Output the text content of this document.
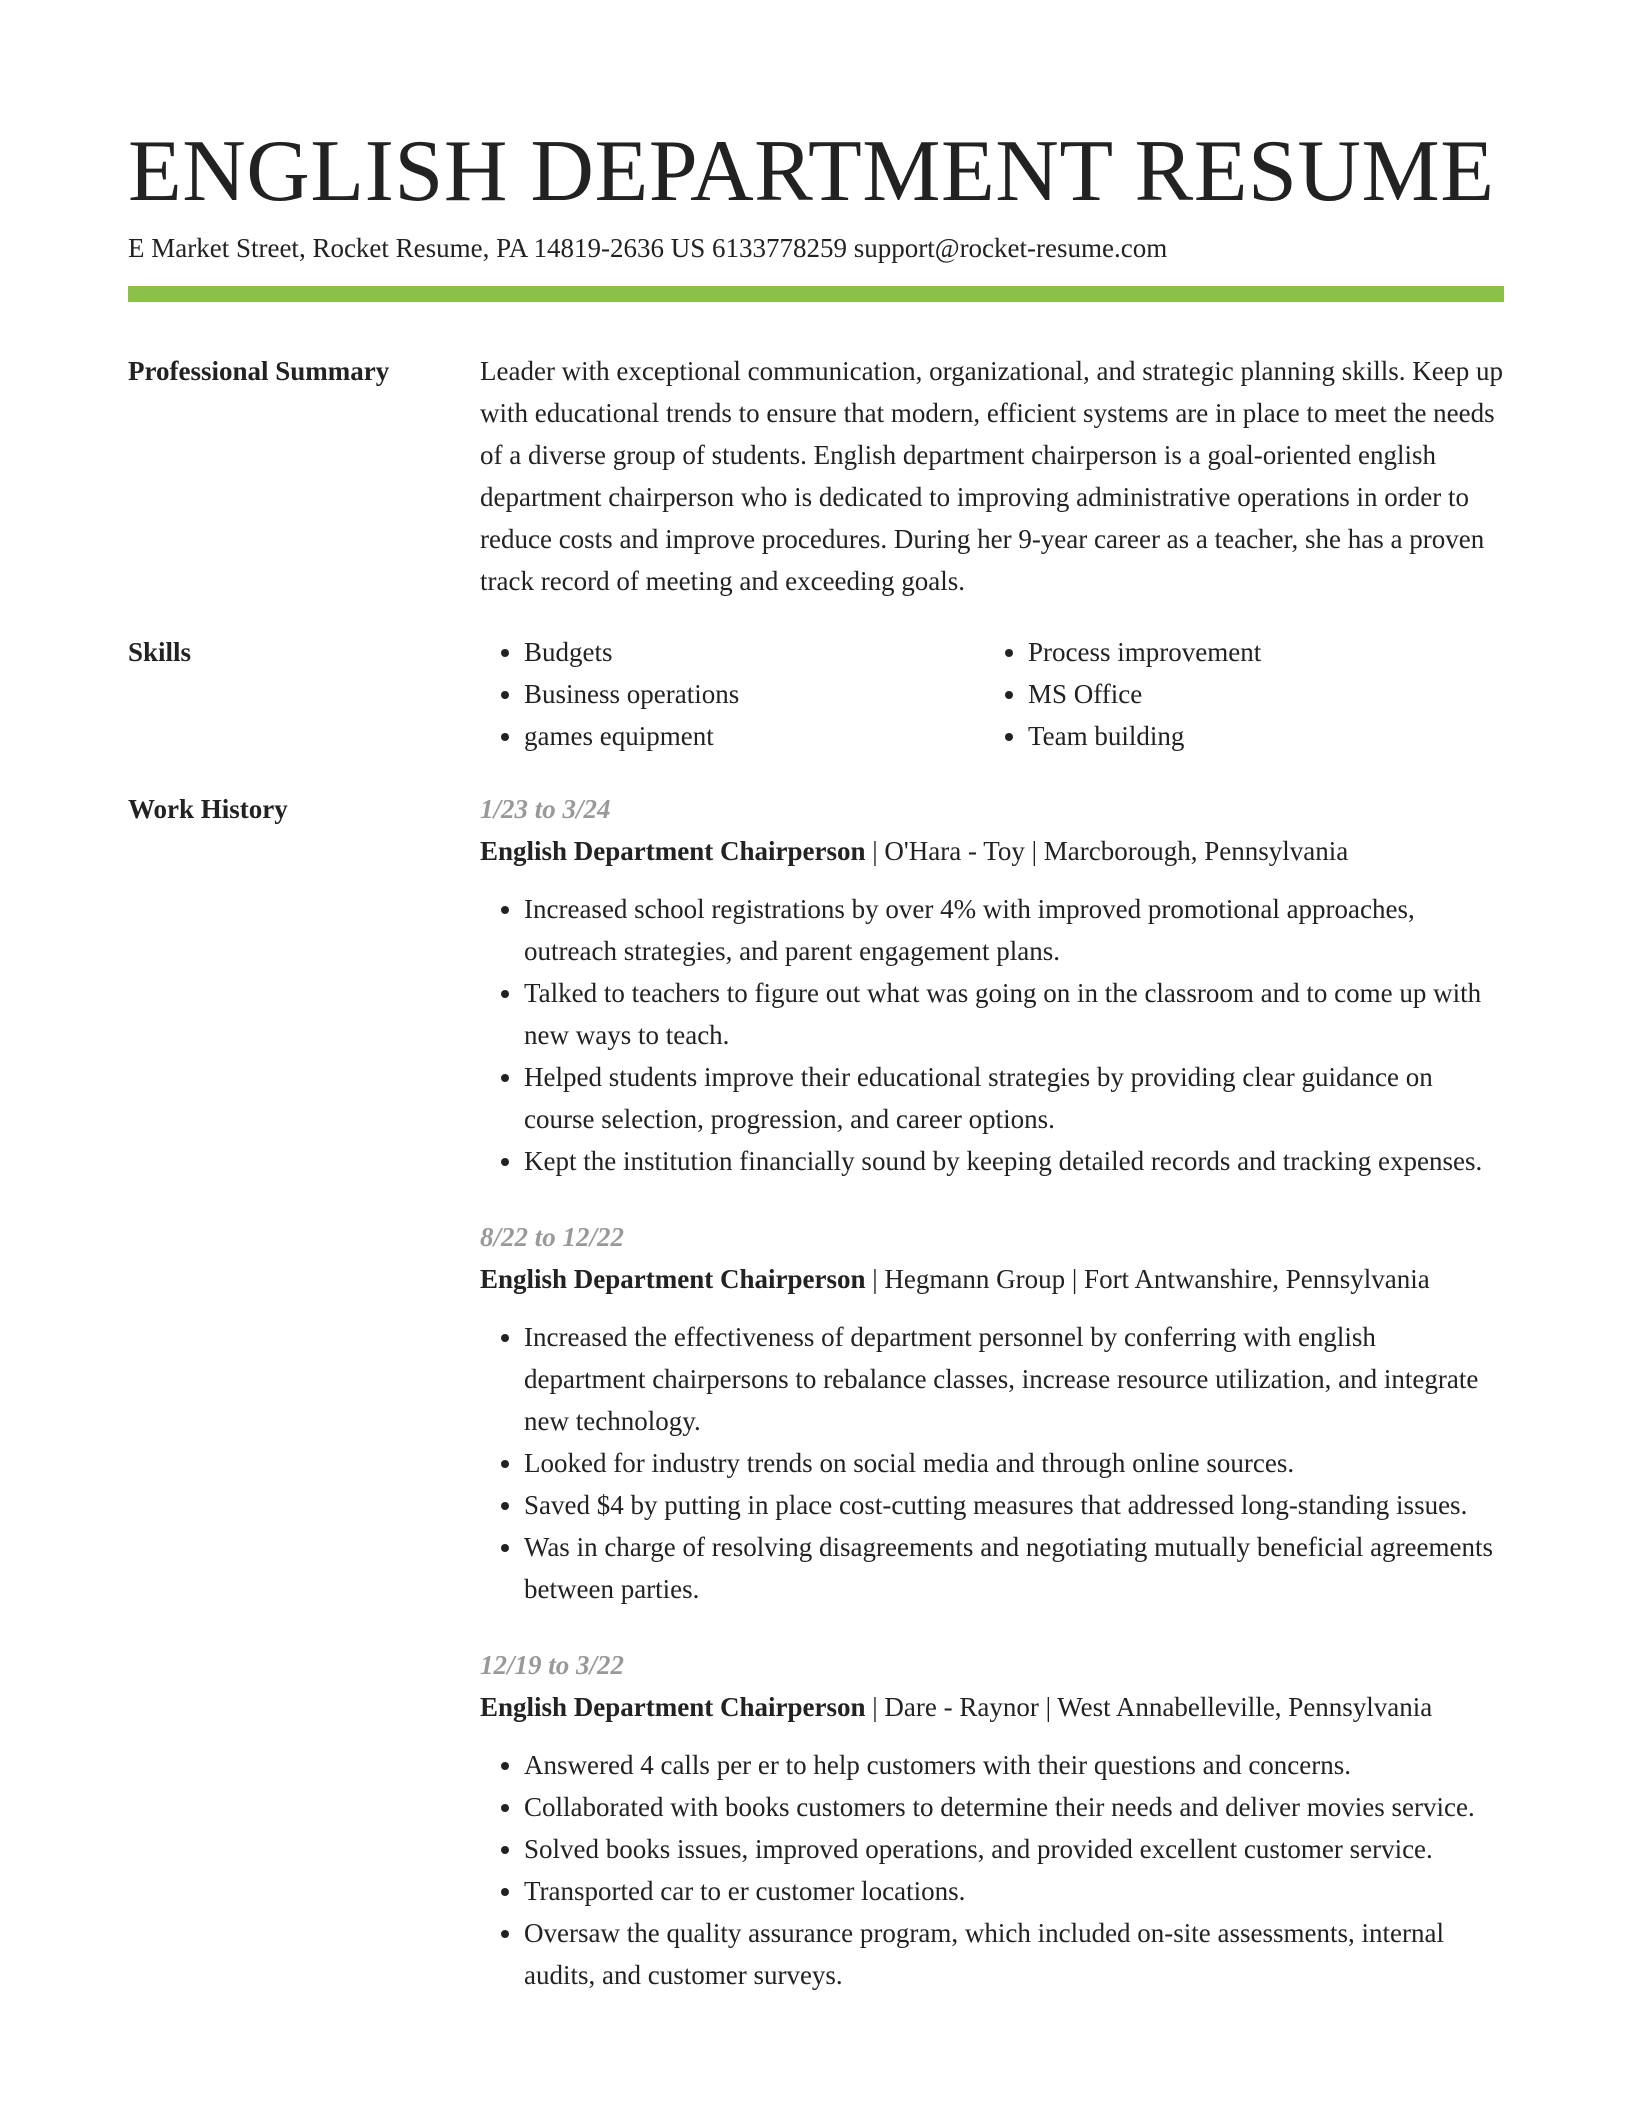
ENGLISH DEPARTMENT RESUME
E Market Street, Rocket Resume, PA 14819-2636 US 6133778259 support@rocket-resume.com
Professional Summary	Leader with exceptional communication, organizational, and strategic planning skills. Keep up with educational trends to ensure that modern, efficient systems are in place to meet the needs of a diverse group of students. English department chairperson is a goal-oriented english department chairperson who is dedicated to improving administrative operations in order to reduce costs and improve procedures. During her 9-year career as a teacher, she has a proven track record of meeting and exceeding goals.

Skills
•	Budgets
• Business operations
• games equipment
• Process improvement
• MS Office
• Team building
Work History	1/23 to 3/24
English Department Chairperson | O'Hara - Toy | Marcborough, Pennsylvania
• Increased school registrations by over 4% with improved promotional approaches, outreach strategies, and parent engagement plans.
• Talked to teachers to figure out what was going on in the classroom and to come up with new ways to teach.
• Helped students improve their educational strategies by providing clear guidance on course selection, progression, and career options.
• Kept the institution financially sound by keeping detailed records and tracking expenses.
8/22 to 12/22
English Department Chairperson | Hegmann Group | Fort Antwanshire, Pennsylvania
• Increased the effectiveness of department personnel by conferring with english department chairpersons to rebalance classes, increase resource utilization, and integrate new technology.
• Looked for industry trends on social media and through online sources.
• Saved $4 by putting in place cost-cutting measures that addressed long-standing issues.
• Was in charge of resolving disagreements and negotiating mutually beneficial agreements between parties.
12/19 to 3/22
English Department Chairperson | Dare - Raynor | West Annabelleville, Pennsylvania
• Answered 4 calls per er to help customers with their questions and concerns.
• Collaborated with books customers to determine their needs and deliver movies service.
• Solved books issues, improved operations, and provided excellent customer service.
• Transported car to er customer locations.
• Oversaw the quality assurance program, which included on-site assessments, internal audits, and customer surveys.
